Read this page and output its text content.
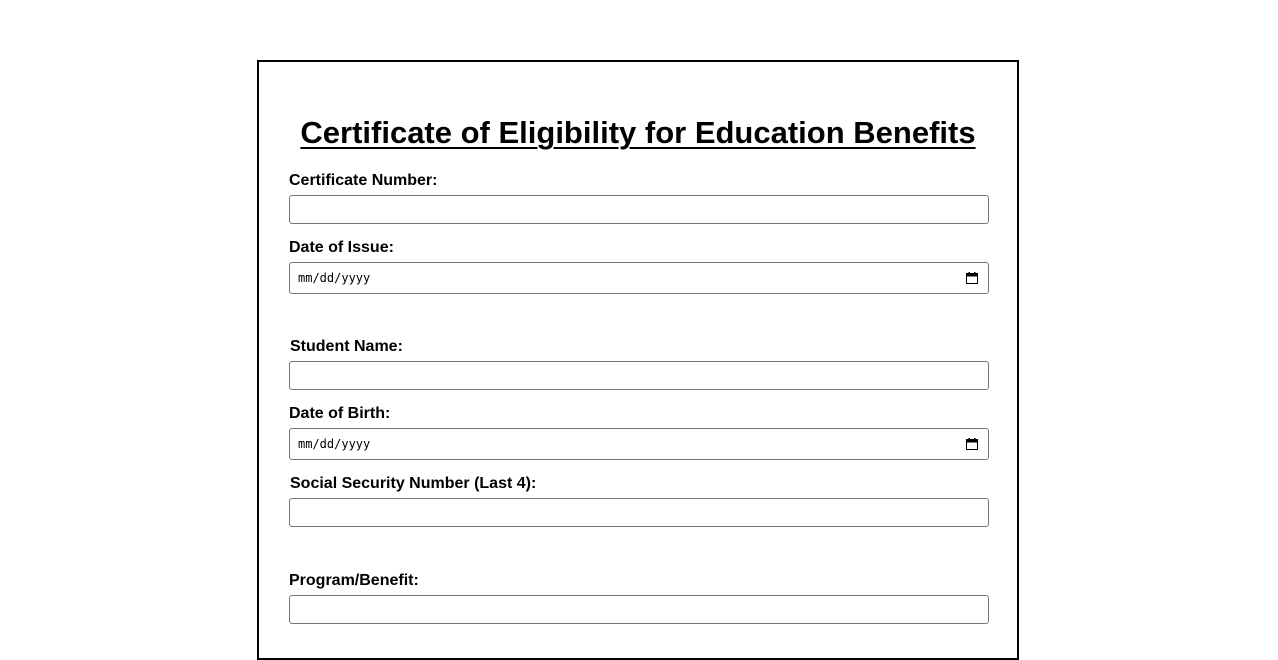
Certificate of Eligibility for Education Benefits
Certificate Number:
Date of Issue:
mm/dd/yyyy
Student Name:
Date of Birth:
mm/dd/yyyy
Social Security Number (Last 4):
Program/Benefit:
